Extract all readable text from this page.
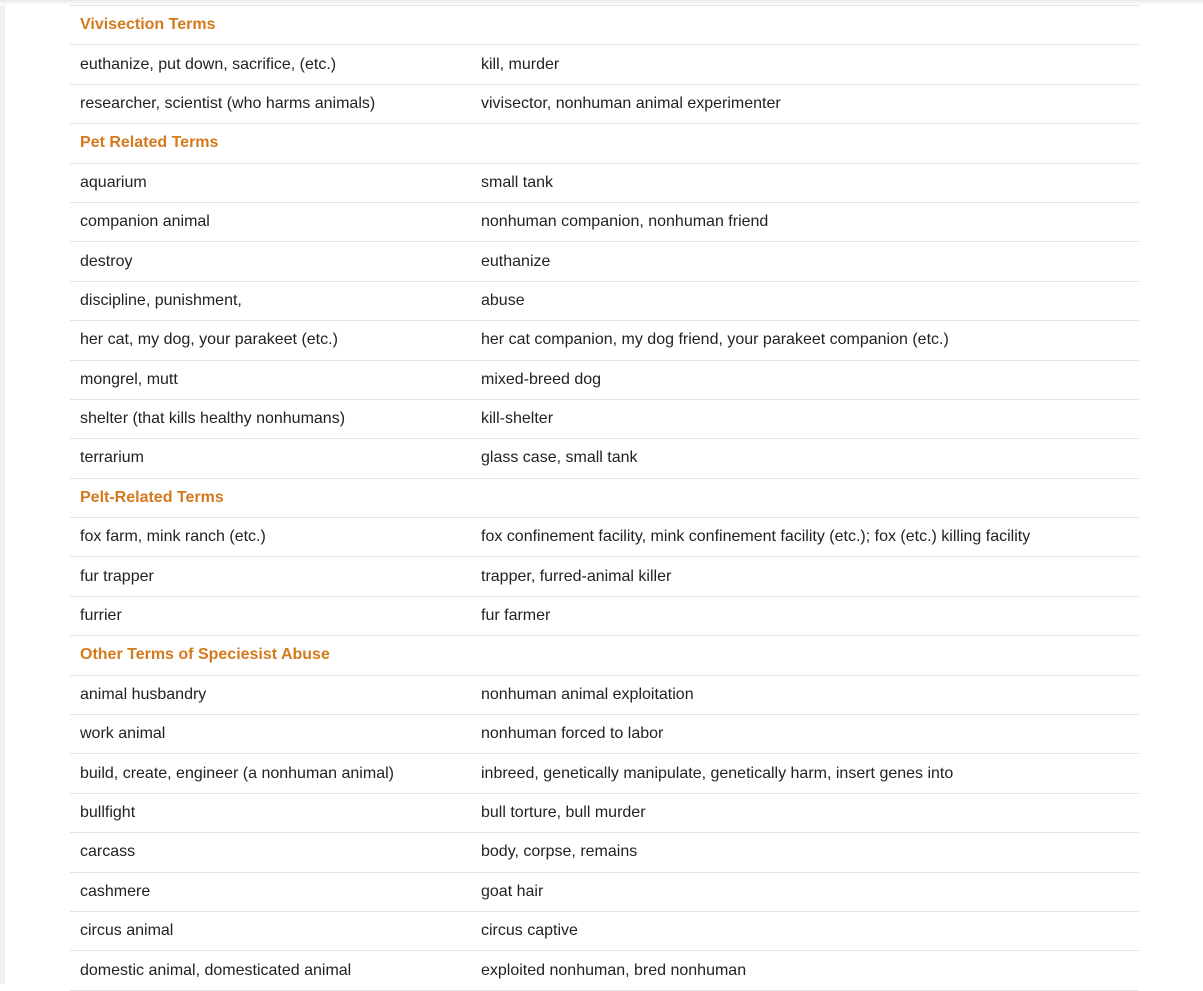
Vivisection Terms	
euthanize, put down, sacrifice, (etc.)	kill, murder
researcher, scientist (who harms animals)	vivisector, nonhuman animal experimenter
Pet Related Terms	
aquarium	small tank
companion animal	nonhuman companion, nonhuman friend
destroy	euthanize
discipline, punishment,	abuse
her cat, my dog, your parakeet (etc.)	her cat companion, my dog friend, your parakeet companion (etc.)
mongrel, mutt	mixed-breed dog
shelter (that kills healthy nonhumans)	kill-shelter
terrarium	glass case, small tank
Pelt-Related Terms	
fox farm, mink ranch (etc.)	fox confinement facility, mink confinement facility (etc.); fox (etc.) killing facility
fur trapper	trapper, furred-animal killer
furrier	fur farmer
Other Terms of Speciesist Abuse	
animal husbandry	nonhuman animal exploitation
work animal	nonhuman forced to labor
build, create, engineer (a nonhuman animal)	inbreed, genetically manipulate, genetically harm, insert genes into
bullfight	bull torture, bull murder
carcass	body, corpse, remains
cashmere	goat hair
circus animal	circus captive
domestic animal, domesticated animal	exploited nonhuman, bred nonhuman
